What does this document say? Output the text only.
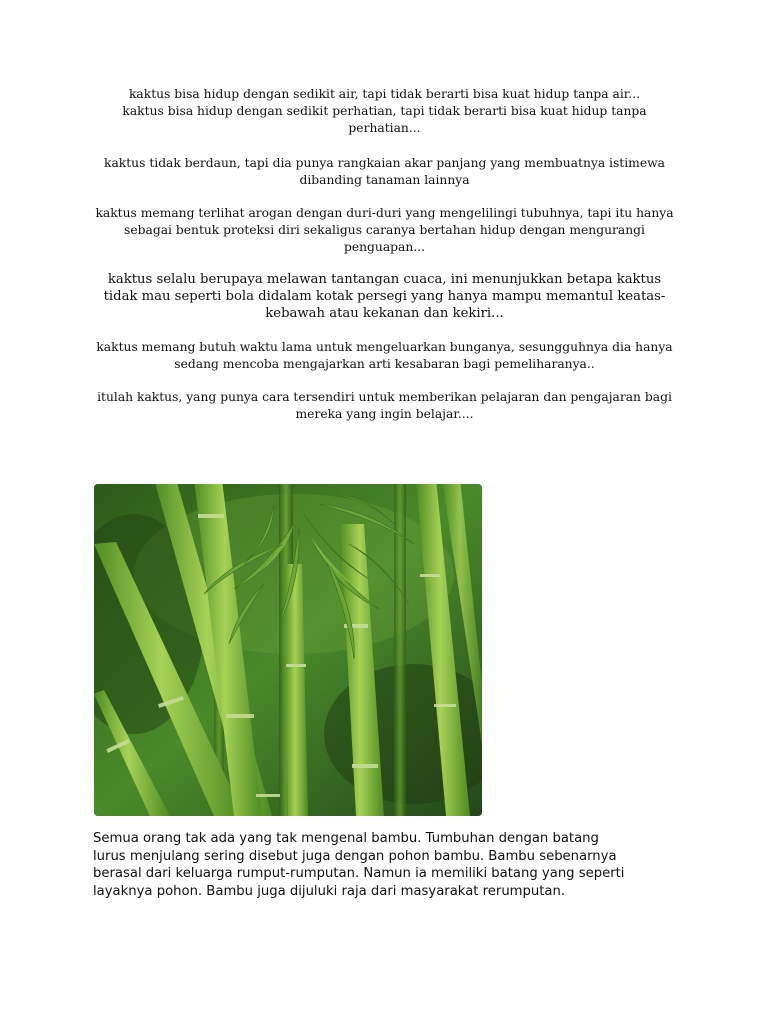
kaktus bisa hidup dengan sedikit air, tapi tidak berarti bisa kuat hidup tanpa air...
kaktus bisa hidup dengan sedikit perhatian, tapi tidak berarti bisa kuat hidup tanpa
perhatian...

kaktus tidak berdaun, tapi dia punya rangkaian akar panjang yang membuatnya istimewa
dibanding tanaman lainnya

kaktus memang terlihat arogan dengan duri-duri yang mengelilingi tubuhnya, tapi itu hanya
sebagai bentuk proteksi diri sekaligus caranya bertahan hidup dengan mengurangi
penguapan...

kaktus selalu berupaya melawan tantangan cuaca, ini menunjukkan betapa kaktus
tidak mau seperti bola didalam kotak persegi yang hanya mampu memantul keatas-
kebawah atau kekanan dan kekiri...

kaktus memang butuh waktu lama untuk mengeluarkan bunganya, sesungguhnya dia hanya
sedang mencoba mengajarkan arti kesabaran bagi pemeliharanya..

itulah kaktus, yang punya cara tersendiri untuk memberikan pelajaran dan pengajaran bagi
mereka yang ingin belajar....

Semua orang tak ada yang tak mengenal bambu. Tumbuhan dengan batang
lurus menjulang sering disebut juga dengan pohon bambu. Bambu sebenarnya
berasal dari keluarga rumput-rumputan. Namun ia memiliki batang yang seperti
layaknya pohon. Bambu juga dijuluki raja dari masyarakat rerumputan.
